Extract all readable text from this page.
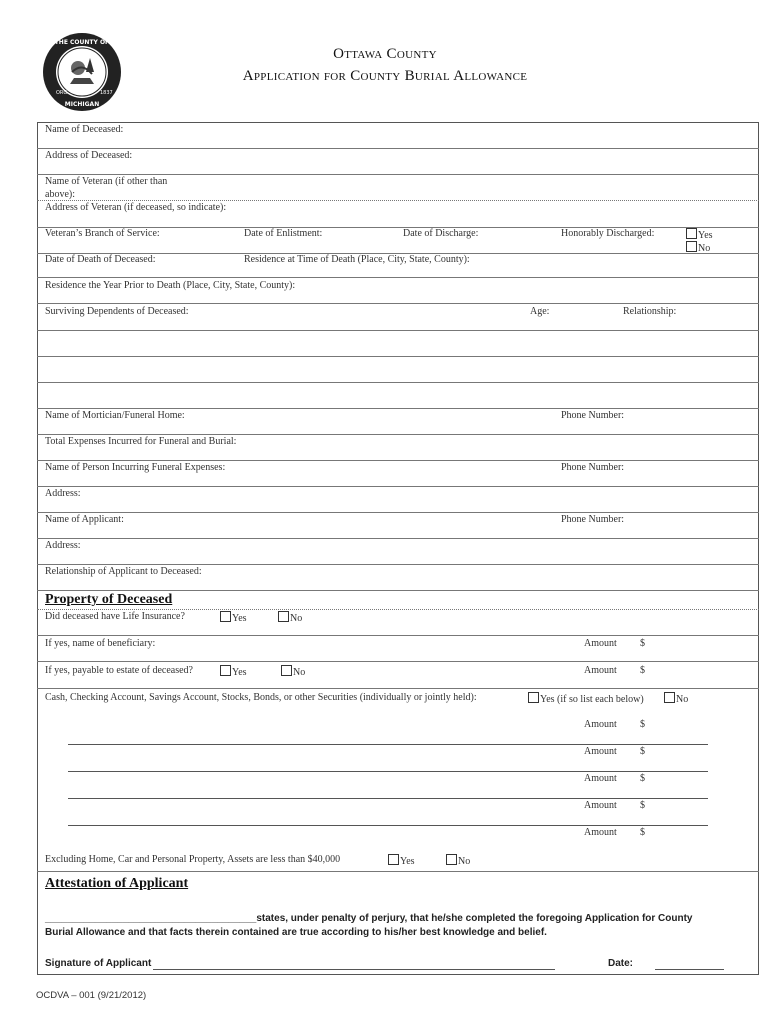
SEAL OF THE COUNTY OF OTTAWA
MICHIGAN
ORG.	1837
Ottawa County
Application for County Burial Allowance
Name of Deceased:
Address of Deceased:
Name of Veteran (if other than
above):
Address of Veteran (if deceased, so indicate):
Veteran’s Branch of Service:	Date of Enlistment:	Date of Discharge:	Honorably Discharged:	Yes
No
Date of Death of Deceased:	Residence at Time of Death (Place, City, State, County):
Residence the Year Prior to Death (Place, City, State, County):
Surviving Dependents of Deceased:	Age:	Relationship:
Name of Mortician/Funeral Home:	Phone Number:
Total Expenses Incurred for Funeral and Burial:
Name of Person Incurring Funeral Expenses:	Phone Number:
Address:
Name of Applicant:	Phone Number:
Address:
Relationship of Applicant to Deceased:
Property of Deceased
Did deceased have Life Insurance?	Yes	No
If yes, name of beneficiary:	Amount $
If yes, payable to estate of deceased?	Yes	No	Amount $
Cash, Checking Account, Savings Account, Stocks, Bonds, or other Securities (individually or jointly held):	Yes (if so list each below)	No
Amount $
Amount $
Amount $
Amount $
Amount $
Excluding Home, Car and Personal Property, Assets are less than $40,000	Yes	No
Attestation of Applicant
______________________________________states, under penalty of perjury, that he/she completed the foregoing Application for County
Burial Allowance and that facts therein contained are true according to his/her best knowledge and belief.
Signature of Applicant	Date:
OCDVA – 001 (9/21/2012)
